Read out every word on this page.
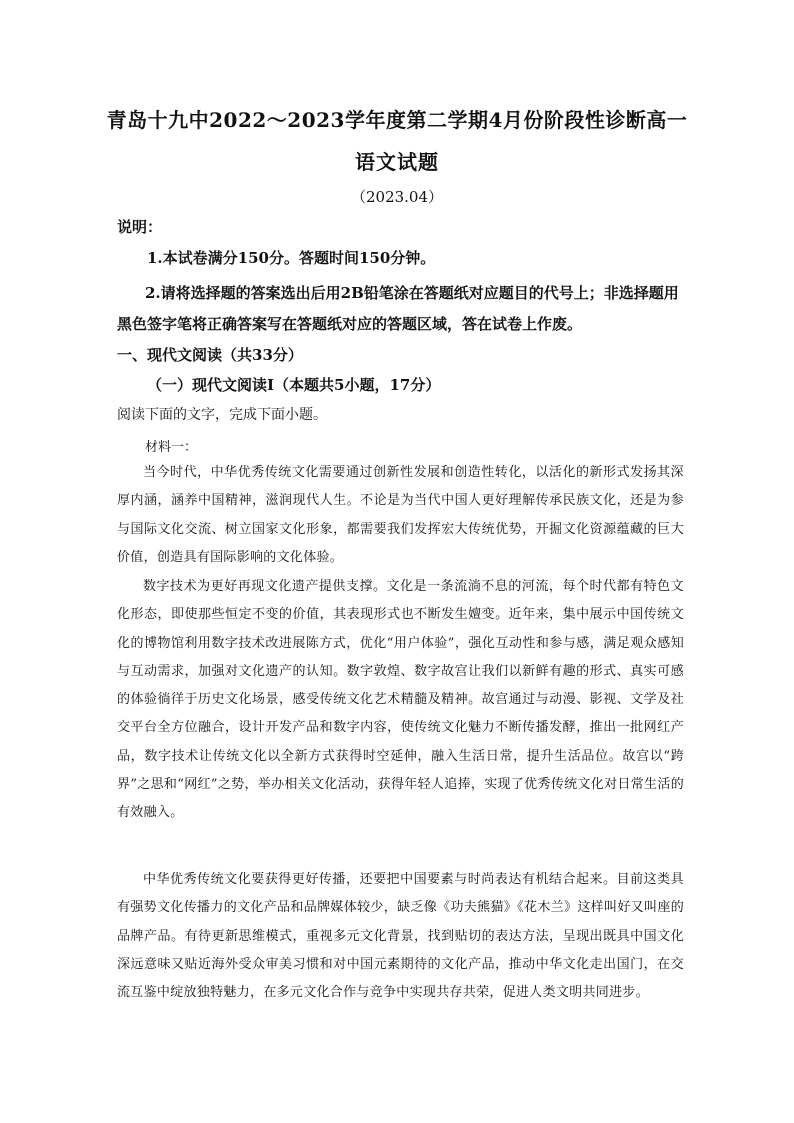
青岛十九中2022～2023学年度第二学期4月份阶段性诊断高一
语文试题
（2023.04）
说明：
1.本试卷满分150分。答题时间150分钟。
2.请将选择题的答案选出后用2B铅笔涂在答题纸对应题目的代号上；非选择题用黑色签字笔将正确答案写在答题纸对应的答题区域，答在试卷上作废。
一、现代文阅读（共33分）
（一）现代文阅读Ⅰ（本题共5小题，17分）
阅读下面的文字，完成下面小题。
材料一：
当今时代，中华优秀传统文化需要通过创新性发展和创造性转化，以活化的新形式发扬其深厚内涵，涵养中国精神，滋润现代人生。不论是为当代中国人更好理解传承民族文化，还是为参与国际文化交流、树立国家文化形象，都需要我们发挥宏大传统优势，开掘文化资源蕴藏的巨大价值，创造具有国际影响的文化体验。
数字技术为更好再现文化遗产提供支撑。文化是一条流淌不息的河流，每个时代都有特色文化形态，即使那些恒定不变的价值，其表现形式也不断发生嬗变。近年来，集中展示中国传统文化的博物馆利用数字技术改进展陈方式，优化“用户体验”，强化互动性和参与感，满足观众感知与互动需求，加强对文化遗产的认知。数字敦煌、数字故宫让我们以新鲜有趣的形式、真实可感的体验徜徉于历史文化场景，感受传统文化艺术精髓及精神。故宫通过与动漫、影视、文学及社交平台全方位融合，设计开发产品和数字内容，使传统文化魅力不断传播发酵，推出一批网红产品，数字技术让传统文化以全新方式获得时空延伸，融入生活日常，提升生活品位。故宫以“跨界”之思和“网红”之势，举办相关文化活动，获得年轻人追捧，实现了优秀传统文化对日常生活的有效融入。
中华优秀传统文化要获得更好传播，还要把中国要素与时尚表达有机结合起来。目前这类具有强势文化传播力的文化产品和品牌媒体较少，缺乏像《功夫熊猫》《花木兰》这样叫好又叫座的品牌产品。有待更新思维模式，重视多元文化背景，找到贴切的表达方法，呈现出既具中国文化深远意味又贴近海外受众审美习惯和对中国元素期待的文化产品，推动中华文化走出国门，在交流互鉴中绽放独特魅力，在多元文化合作与竞争中实现共存共荣，促进人类文明共同进步。
